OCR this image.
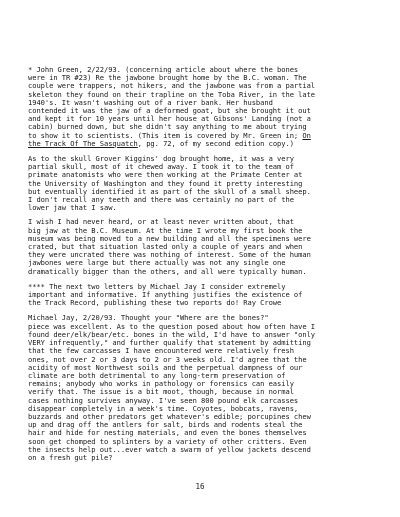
* John Green, 2/22/93. (concerning article about where the bones
were in TR #23) Re the jawbone brought home by the B.C. woman. The
couple were trappers, not hikers, and the jawbone was from a partial
skeleton they found on their trapline on the Toba River, in the late
1940's. It wasn't washing out of a river bank. Her husband
contended it was the jaw of a deformed goat, but she brought it out
and kept it for 10 years until her house at Gibsons' Landing (not a
cabin) burned down, but she didn't say anything to me about trying
to show it to scientists. (This item is covered by Mr. Green in; On
the Track Of The Sasquatch, pg. 72, of my second edition copy.)

As to the skull Grover Kiggins' dog brought home, it was a very
partial skull, most of it chewed away. I took it to the team of
primate anatomists who were then working at the Primate Center at
the University of Washington and they found it pretty interesting
but eventually identified it as part of the skull of a small sheep.
I don't recall any teeth and there was certainly no part of the
lower jaw that I saw.

I wish I had never heard, or at least never written about, that
big jaw at the B.C. Museum. At the time I wrote my first book the
museum was being moved to a new building and all the specimens were
crated, but that situation lasted only a couple of years and when
they were uncrated there was nothing of interest. Some of the human
jawbones were large but there actually was not any single one
dramatically bigger than the others, and all were typically human.

**** The next two letters by Michael Jay I consider extremely
important and informative. If anything justifies the existence of
the Track Record, publishing these two reports do! Ray Crowe

Michael Jay, 2/20/93. Thought your "Where are the bones?"
piece was excellent. As to the question posed about how often have I
found deer/elk/bear/etc. bones in the wild, I'd have to answer "only
VERY infrequently," and further qualify that statement by admitting
that the few carcasses I have encountered were relatively fresh
ones, not over 2 or 3 days to 2 or 3 weeks old. I'd agree that the
acidity of most Northwest soils and the perpetual dampness of our
climate are both detrimental to any long-term preservation of
remains; anybody who works in pathology or forensics can easily
verify that. The issue is a bit moot, though, because in normal
cases nothing survives anyway. I've seen 800 pound elk carcasses
disappear completely in a week's time. Coyotes, bobcats, ravens,
buzzards and other predators get whatever's edible; porcupines chew
up and drag off the antlers for salt, birds and rodents steal the
hair and hide for nesting materials, and even the bones themselves
soon get chomped to splinters by a variety of other critters. Even
the insects help out...ever watch a swarm of yellow jackets descend
on a fresh gut pile?

16
